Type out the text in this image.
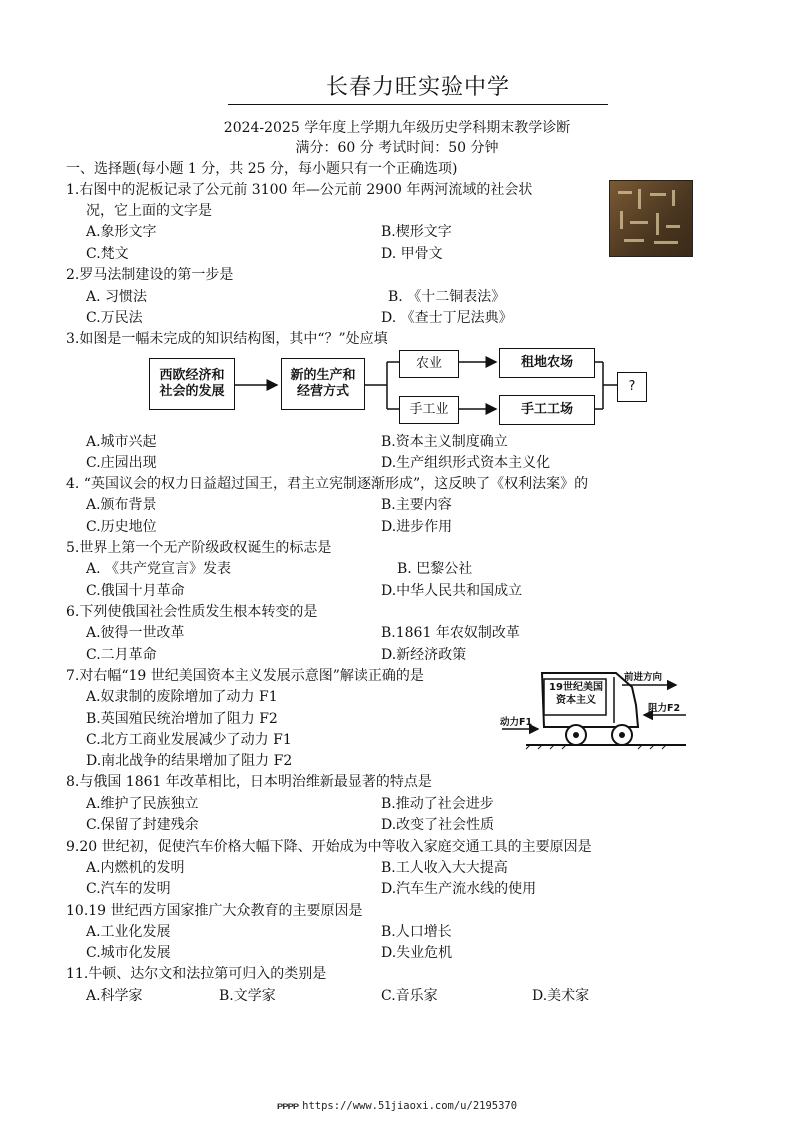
长春力旺实验中学
2024-2025 学年度上学期九年级历史学科期末教学诊断
满分：60 分 考试时间：50 分钟
一、选择题(每小题 1 分，共 25 分，每小题只有一个正确选项)
1.右图中的泥板记录了公元前 3100 年—公元前 2900 年两河流域的社会状
况，它上面的文字是
A.象形文字	B.楔形文字
C.梵文	D. 甲骨文
2.罗马法制建设的第一步是
A. 习惯法	B. 《十二铜表法》
C.万民法	D. 《查士丁尼法典》
3.如图是一幅未完成的知识结构图，其中“？”处应填
西欧经济和
社会的发展
新的生产和
经营方式
农业
手工业
租地农场
手工工场
?
A.城市兴起	B.资本主义制度确立
C.庄园出现	D.生产组织形式资本主义化
4. “英国议会的权力日益超过国王，君主立宪制逐渐形成”，这反映了《权利法案》的
A.颁布背景	B.主要内容
C.历史地位	D.进步作用
5.世界上第一个无产阶级政权诞生的标志是
A. 《共产党宣言》发表	B. 巴黎公社
C.俄国十月革命	D.中华人民共和国成立
6.下列使俄国社会性质发生根本转变的是
A.彼得一世改革	B.1861 年农奴制改革
C.二月革命	D.新经济政策
7.对右幅“19 世纪美国资本主义发展示意图”解读正确的是
A.奴隶制的废除增加了动力 F1
B.英国殖民统治增加了阻力 F2
C.北方工商业发展减少了动力 F1
D.南北战争的结果增加了阻力 F2
19世纪美国
资本主义
前进方向
动力F1
阻力F2
8.与俄国 1861 年改革相比，日本明治维新最显著的特点是
A.维护了民族独立	B.推动了社会进步
C.保留了封建残余	D.改变了社会性质
9.20 世纪初，促使汽车价格大幅下降、开始成为中等收入家庭交通工具的主要原因是
A.内燃机的发明	B.工人收入大大提高
C.汽车的发明	D.汽车生产流水线的使用
10.19 世纪西方国家推广大众教育的主要原因是
A.工业化发展	B.人口增长
C.城市化发展	D.失业危机
11.牛顿、达尔文和法拉第可归入的类别是
A.科学家	B.文学家	C.音乐家	D.美术家
ᴘᴘᴘᴘ https://www.51jiaoxi.com/u/2195370
